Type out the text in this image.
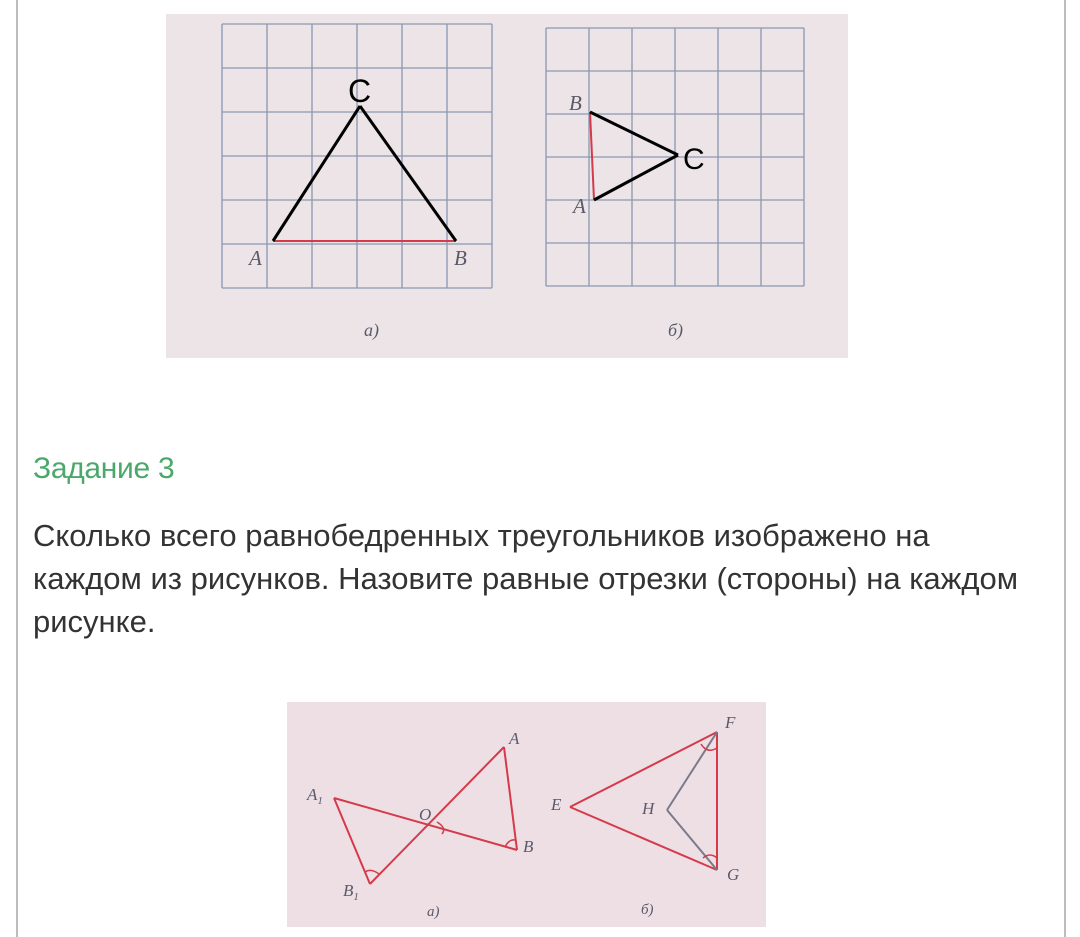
A	B
C
а)
B
A
C
б)
Задание 3

Сколько всего равнобедренных треугольников изображено на каждом из рисунков. Назовите равные отрезки (стороны) на каждом рисунке.

$A_1$
A
O
B
$B_1$
а)
F
E	H
G
б)
